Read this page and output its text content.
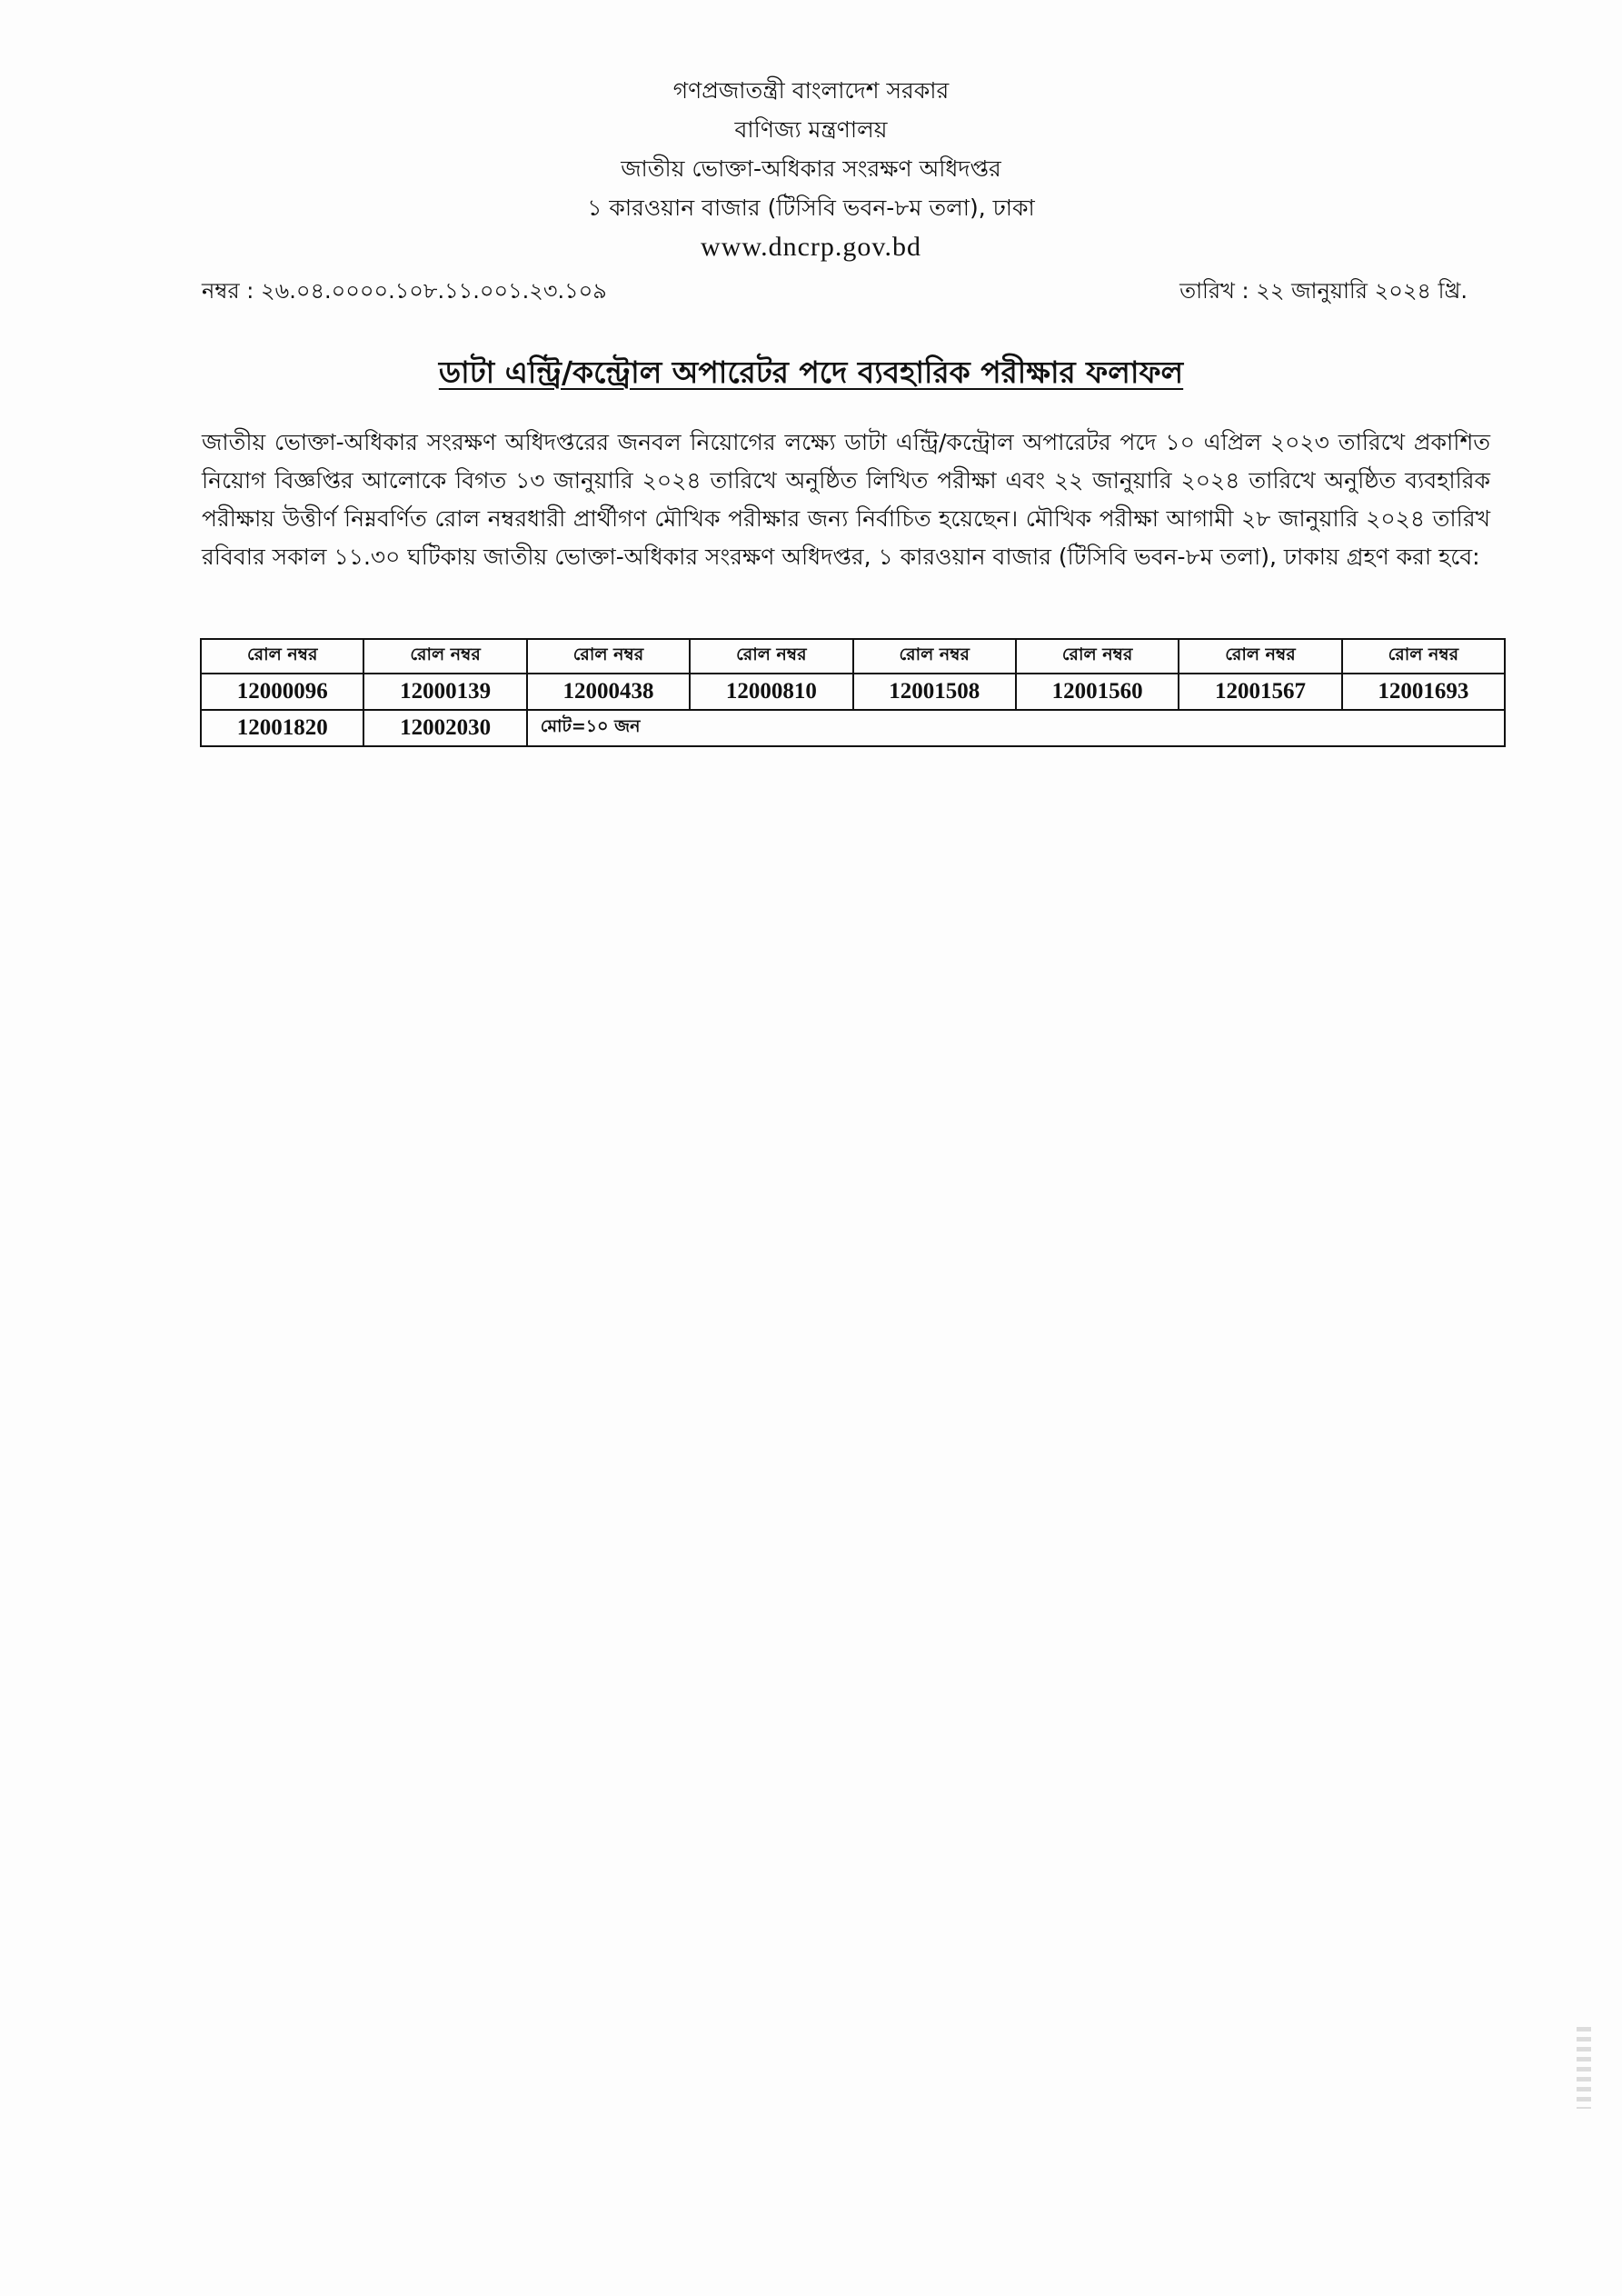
গণপ্রজাতন্ত্রী বাংলাদেশ সরকার
বাণিজ্য মন্ত্রণালয়
জাতীয় ভোক্তা-অধিকার সংরক্ষণ অধিদপ্তর
১ কারওয়ান বাজার (টিসিবি ভবন-৮ম তলা), ঢাকা
www.dncrp.gov.bd
নম্বর : ২৬.০৪.০০০০.১০৮.১১.০০১.২৩.১০৯	তারিখ : ২২ জানুয়ারি ২০২৪ খ্রি.
ডাটা এন্ট্রি/কন্ট্রোল অপারেটর পদে ব্যবহারিক পরীক্ষার ফলাফল
জাতীয় ভোক্তা-অধিকার সংরক্ষণ অধিদপ্তরের জনবল নিয়োগের লক্ষ্যে ডাটা এন্ট্রি/কন্ট্রোল অপারেটর পদে ১০ এপ্রিল ২০২৩ তারিখে প্রকাশিত নিয়োগ বিজ্ঞপ্তির আলোকে বিগত ১৩ জানুয়ারি ২০২৪ তারিখে অনুষ্ঠিত লিখিত পরীক্ষা এবং ২২ জানুয়ারি ২০২৪ তারিখে অনুষ্ঠিত ব্যবহারিক পরীক্ষায় উত্তীর্ণ নিম্নবর্ণিত রোল নম্বরধারী প্রার্থীগণ মৌখিক পরীক্ষার জন্য নির্বাচিত হয়েছেন। মৌখিক পরীক্ষা আগামী ২৮ জানুয়ারি ২০২৪ তারিখ রবিবার সকাল ১১.৩০ ঘটিকায় জাতীয় ভোক্তা-অধিকার সংরক্ষণ অধিদপ্তর, ১ কারওয়ান বাজার (টিসিবি ভবন-৮ম তলা), ঢাকায় গ্রহণ করা হবে:
রোল নম্বর	রোল নম্বর	রোল নম্বর	রোল নম্বর	রোল নম্বর	রোল নম্বর	রোল নম্বর	রোল নম্বর
12000096	12000139	12000438	12000810	12001508	12001560	12001567	12001693
12001820	12002030	মোট=১০ জন					
